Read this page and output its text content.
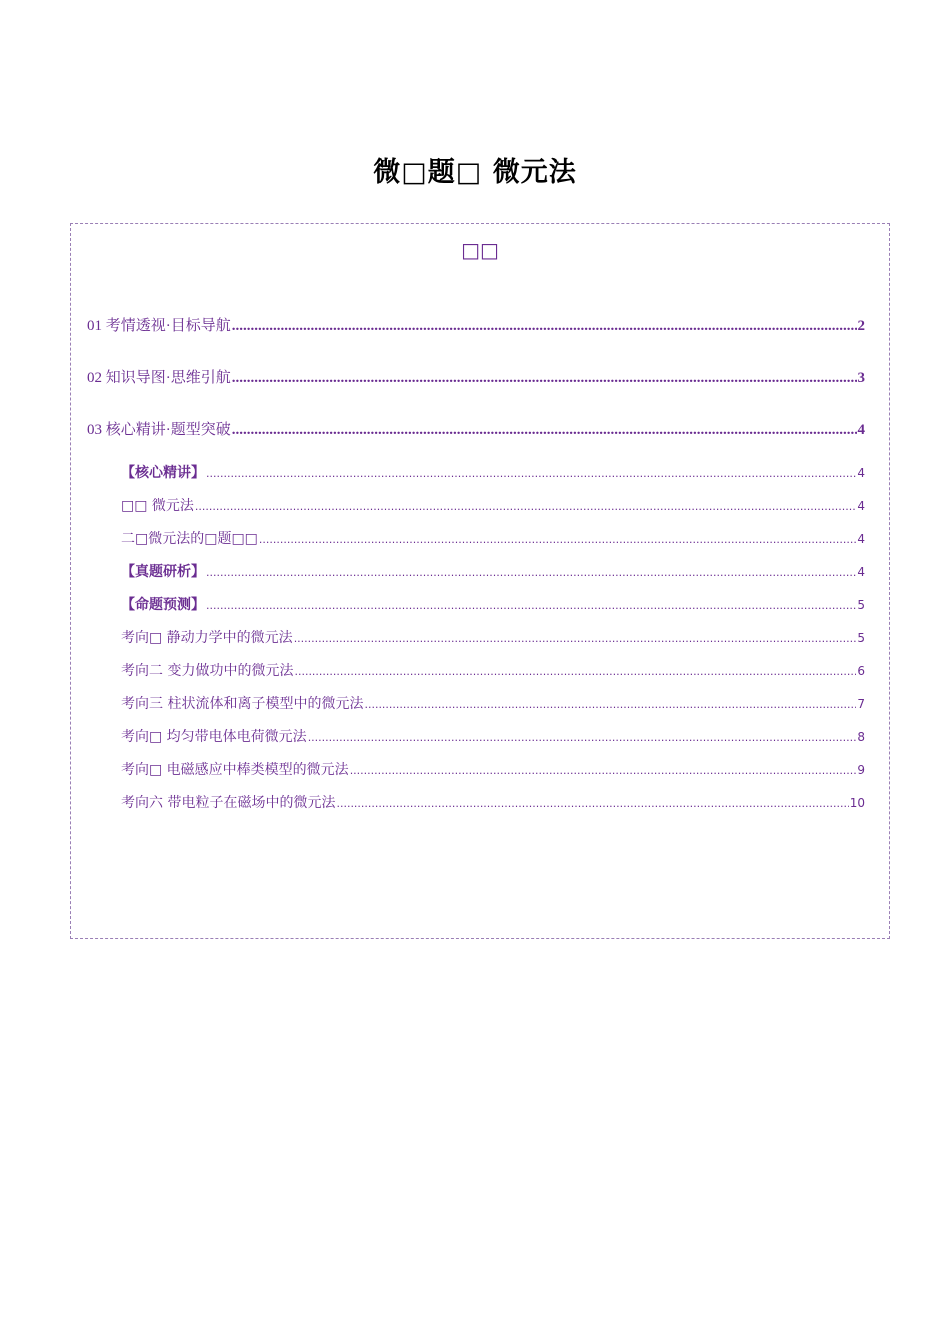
微□题□ 微元法
□□
01 考情透视·目标导航 .....	2
02 知识导图·思维引航 .....	3
03 核心精讲·题型突破 .....	4
【核心精讲】 .....	4
□□ 微元法 .....	4
二□微元法的□题□□ .....	4
【真题研析】 .....	4
【命题预测】 .....	5
考向□ 静动力学中的微元法 .....	5
考向二 变力做功中的微元法 .....	6
考向三 柱状流体和离子模型中的微元法 .....	7
考向□ 均匀带电体电荷微元法 .....	8
考向□ 电磁感应中棒类模型的微元法 .....	9
考向六 带电粒子在磁场中的微元法 .....	10
